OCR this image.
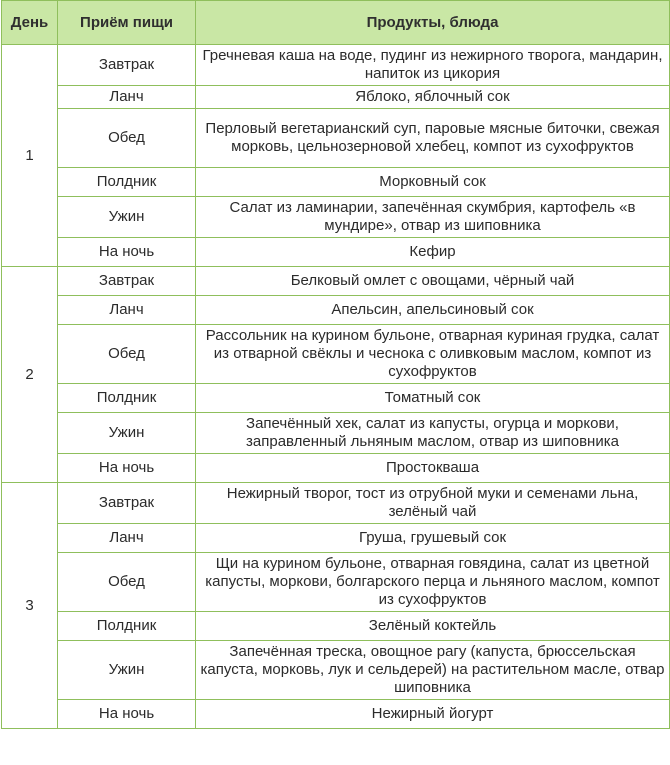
День	Приём пищи	Продукты, блюда
1	Завтрак	Гречневая каша на воде, пудинг из нежирного творога, мандарин, напиток из цикория
	Ланч	Яблоко, яблочный сок
	Обед	Перловый вегетарианский суп, паровые мясные биточки, свежая морковь, цельнозерновой хлебец, компот из сухофруктов
	Полдник	Морковный сок
	Ужин	Салат из ламинарии, запечённая скумбрия, картофель «в мундире», отвар из шиповника
	На ночь	Кефир
2	Завтрак	Белковый омлет с овощами, чёрный чай
	Ланч	Апельсин, апельсиновый сок
	Обед	Рассольник на курином бульоне, отварная куриная грудка, салат из отварной свёклы и чеснока с оливковым маслом, компот из сухофруктов
	Полдник	Томатный сок
	Ужин	Запечённый хек, салат из капусты, огурца и моркови, заправленный льняным маслом, отвар из шиповника
	На ночь	Простокваша
3	Завтрак	Нежирный творог, тост из отрубной муки и семенами льна, зелёный чай
	Ланч	Груша, грушевый сок
	Обед	Щи на курином бульоне, отварная говядина, салат из цветной капусты, моркови, болгарского перца и льняного маслом, компот из сухофруктов
	Полдник	Зелёный коктейль
	Ужин	Запечённая треска, овощное рагу (капуста, брюссельская капуста, морковь, лук и сельдерей) на растительном масле, отвар шиповника
	На ночь	Нежирный йогурт
